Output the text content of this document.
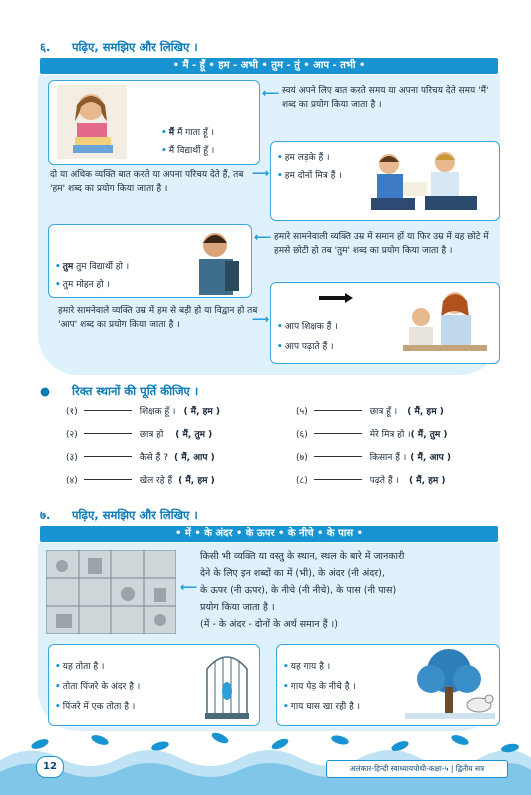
६. पढ़िए, समझिए और लिखिए ।
• मैं - हूँ • हम - अभी • तुम - तुं • आप - तभी •
• मैं मैं गाता हूँ ।
• मैं विद्यार्थी हूँ ।
⟵ स्वयं अपने लिए बात करते समय या अपना परिचय देते समय 'मैं' शब्द का प्रयोग किया जाता है ।
दो या अधिक व्यक्ति बात करते या अपना परिचय देते हैं, तब 'हम' शब्द का प्रयोग किया जाता है ।
⟶
• हम लड़के हैं ।
• हम दोनों मित्र हैं ।
• तुम तुम विद्यार्थी हो ।
• तुम मोहन हो ।
⟵ हमारे सामनेवाली व्यक्ति उम्र में समान हों या फिर उम्र में वह छोटे में हमसे छोटी हो तब 'तुम' शब्द का प्रयोग किया जाता है ।
हमारे सामनेवाले व्यक्ति उम्र में हम से बड़ी हो या विद्वान हो तब 'आप' शब्द का प्रयोग किया जाता है ।	⟶
• आप शिक्षक हैं ।
• आप पढ़ाते हैं ।
● रिक्त स्थानों की पूर्ति कीजिए ।
(१)	शिक्षक हूँ । ( मैं, हम )
(२)	छात्र हो ( मैं, तुम )
(३)	कैसे हैं ? ( मैं, आप )
(४)	खेल रहे हैं ( मैं, हम )
(५)	छात्र हूँ । ( मैं, हम )
(६)	मेरे मित्र हो ।( मैं, तुम )
(७)	किसान हैं । ( मैं, आप )
(८)	पढ़ते हैं । ( मैं, हम )
७. पढ़िए, समझिए और लिखिए ।
• में • के अंदर • के ऊपर • के नीचे • के पास •
⟵
किसी भी व्यक्ति या वस्तु के स्थान, स्थल के बारे में जानकारी
देने के लिए इन शब्दों का में (भी), के अंदर (नी अंदर),
के ऊपर (नी ऊपर), के नीचे (नी नीचे), के पास (नी पास)
प्रयोग किया जाता है ।
(में - के अंदर - दोनों के अर्थ समान हैं ।)
• यह तोता है ।
• तोता पिंजरे के अंदर है ।
• पिंजरे में एक तोता है ।
• यह गाय है ।
• गाय पेड़ के नीचे है ।
• गाय घास खा रही है ।
12	अलंकार-हिन्दी स्वाध्यायपोथी-कक्षा-५ | द्वितीय सत्र
